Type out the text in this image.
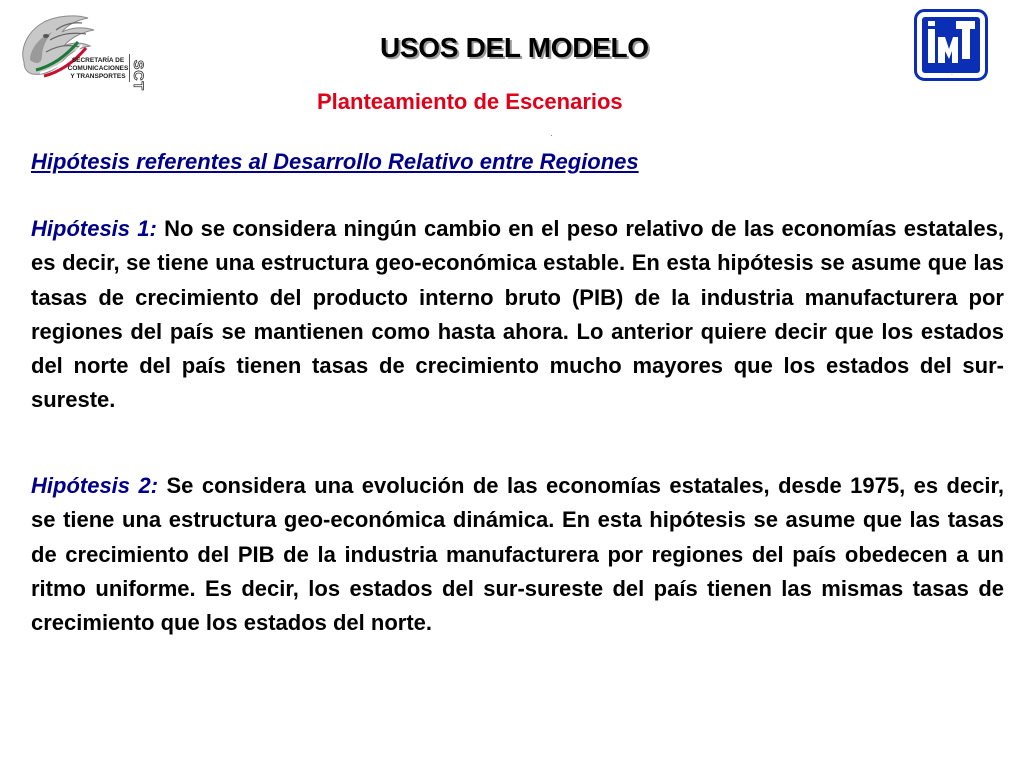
SECRETARÍA DE
COMUNICACIONES
Y TRANSPORTES SCT	IMT
USOS DEL MODELO
Planteamiento de Escenarios
Hipótesis referentes al Desarrollo Relativo entre Regiones
Hipótesis 1: No se considera ningún cambio en el peso relativo de las economías estatales, es decir, se tiene una estructura geo-económica estable. En esta hipótesis se asume que las tasas de crecimiento del producto interno bruto (PIB) de la industria manufacturera por regiones del país se mantienen como hasta ahora. Lo anterior quiere decir que los estados del norte del país tienen tasas de crecimiento mucho mayores que los estados del sur-sureste.
Hipótesis 2: Se considera una evolución de las economías estatales, desde 1975, es decir, se tiene una estructura geo-económica dinámica. En esta hipótesis se asume que las tasas de crecimiento del PIB de la industria manufacturera por regiones del país obedecen a un ritmo uniforme. Es decir, los estados del sur-sureste del país tienen las mismas tasas de crecimiento que los estados del norte.
